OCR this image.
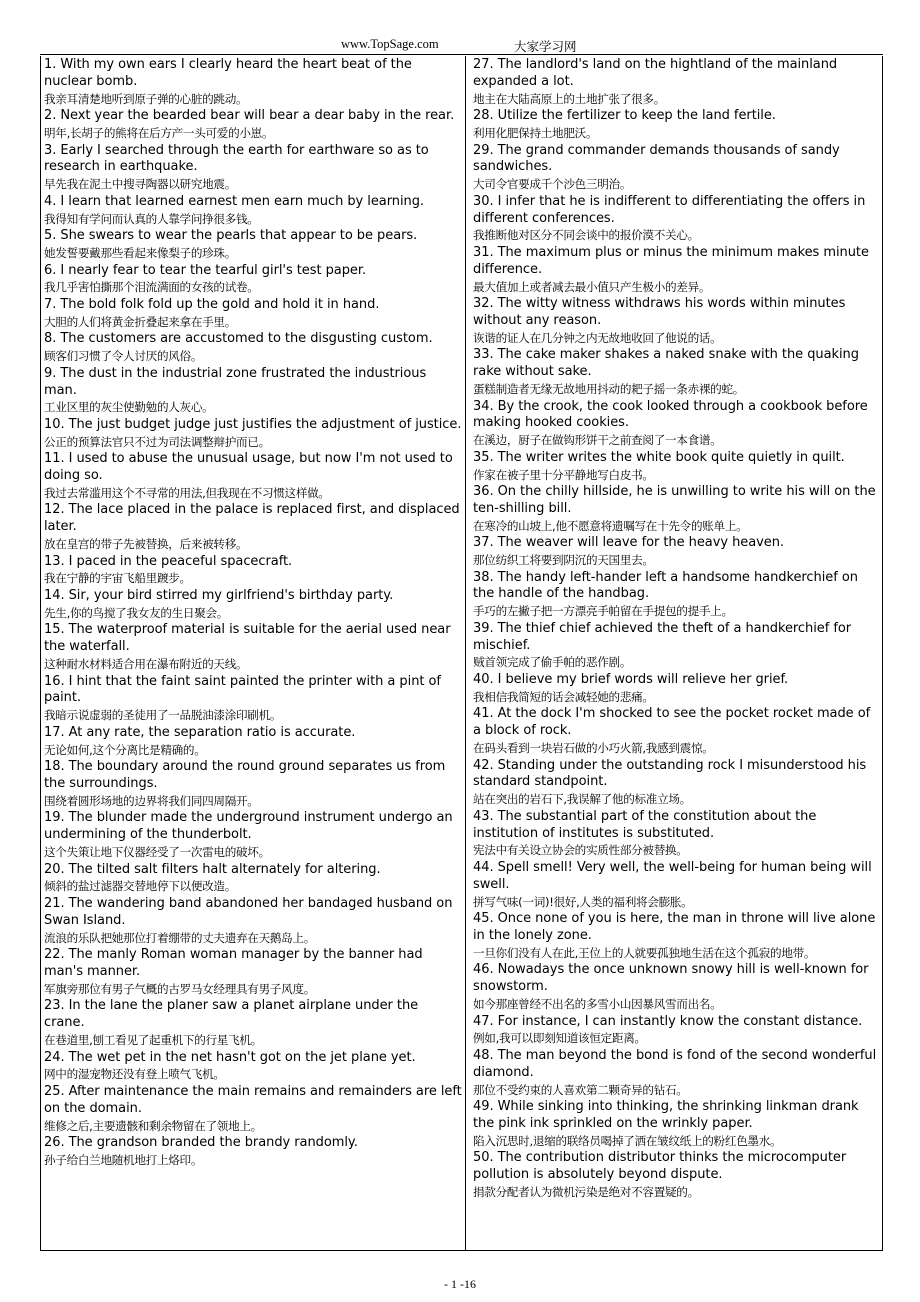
www.TopSage.com	大家学习网
1. With my own ears I clearly heard the heart beat of the nuclear bomb.
我亲耳清楚地听到原子弹的心脏的跳动。
2. Next year the bearded bear will bear a dear baby in the rear.
明年,长胡子的熊将在后方产一头可爱的小崽。
3. Early I searched through the earth for earthware so as to research in earthquake.
早先我在泥土中搜寻陶器以研究地震。
4. I learn that learned earnest men earn much by learning.
我得知有学问而认真的人靠学问挣很多钱。
5. She swears to wear the pearls that appear to be pears.
她发誓要戴那些看起来像梨子的珍珠。
6. I nearly fear to tear the tearful girl's test paper.
我几乎害怕撕那个泪流满面的女孩的试卷。
7. The bold folk fold up the gold and hold it in hand.
大胆的人们将黄金折叠起来拿在手里。
8. The customers are accustomed to the disgusting custom.
顾客们习惯了令人讨厌的风俗。
9. The dust in the industrial zone frustrated the industrious man.
工业区里的灰尘使勤勉的人灰心。
10. The just budget judge just justifies the adjustment of justice.
公正的预算法官只不过为司法调整辩护而已。
11. I used to abuse the unusual usage, but now I'm not used to doing so.
我过去常滥用这个不寻常的用法,但我现在不习惯这样做。
12. The lace placed in the palace is replaced first, and displaced later.
放在皇宫的带子先被替换，后来被转移。
13. I paced in the peaceful spacecraft.
我在宁静的宇宙飞船里踱步。
14. Sir, your bird stirred my girlfriend's birthday party.
先生,你的鸟搅了我女友的生日聚会。
15. The waterproof material is suitable for the aerial used near the waterfall.
这种耐水材料适合用在瀑布附近的天线。
16. I hint that the faint saint painted the printer with a pint of paint.
我暗示说虚弱的圣徒用了一品脱油漆涂印刷机。
17. At any rate, the separation ratio is accurate.
无论如何,这个分离比是精确的。
18. The boundary around the round ground separates us from the surroundings.
围绕着圆形场地的边界将我们同四周隔开。
19. The blunder made the underground instrument undergo an undermining of the thunderbolt.
这个失策让地下仪器经受了一次雷电的破坏。
20. The tilted salt filters halt alternately for altering.
倾斜的盐过滤器交替地停下以便改造。
21. The wandering band abandoned her bandaged husband on Swan Island.
流浪的乐队把她那位打着绷带的丈夫遗弃在天鹅岛上。
22. The manly Roman woman manager by the banner had man's manner.
军旗旁那位有男子气概的古罗马女经理具有男子风度。
23. In the lane the planer saw a planet airplane under the crane.
在巷道里,刨工看见了起重机下的行星飞机。
24. The wet pet in the net hasn't got on the jet plane yet.
网中的湿宠物还没有登上喷气飞机。
25. After maintenance the main remains and remainders are left on the domain.
维修之后,主要遗骸和剩余物留在了领地上。
26. The grandson branded the brandy randomly.
孙子给白兰地随机地打上烙印。
27. The landlord's land on the hightland of the mainland expanded a lot.
地主在大陆高原上的土地扩张了很多。
28. Utilize the fertilizer to keep the land fertile.
利用化肥保持土地肥沃。
29. The grand commander demands thousands of sandy sandwiches.
大司令官要成千个沙色三明治。
30. I infer that he is indifferent to differentiating the offers in different conferences.
我推断他对区分不同会谈中的报价漠不关心。
31. The maximum plus or minus the minimum makes minute difference.
最大值加上或者减去最小值只产生极小的差异。
32. The witty witness withdraws his words within minutes without any reason.
诙谐的证人在几分钟之内无故地收回了他说的话。
33. The cake maker shakes a naked snake with the quaking rake without sake.
蛋糕制造者无缘无故地用抖动的耙子摇一条赤裸的蛇。
34. By the crook, the cook looked through a cookbook before making hooked cookies.
在溪边，厨子在做钩形饼干之前查阅了一本食谱。
35. The writer writes the white book quite quietly in quilt.
作家在被子里十分平静地写白皮书。
36. On the chilly hillside, he is unwilling to write his will on the ten-shilling bill.
在寒冷的山坡上,他不愿意将遗嘱写在十先令的账单上。
37. The weaver will leave for the heavy heaven.
那位纺织工将要到阴沉的天国里去。
38. The handy left-hander left a handsome handkerchief on the handle of the handbag.
手巧的左撇子把一方漂亮手帕留在手提包的提手上。
39. The thief chief achieved the theft of a handkerchief for mischief.
贼首领完成了偷手帕的恶作剧。
40. I believe my brief words will relieve her grief.
我相信我简短的话会减轻她的悲痛。
41. At the dock I'm shocked to see the pocket rocket made of a block of rock.
在码头看到一块岩石做的小巧火箭,我感到震惊。
42. Standing under the outstanding rock I misunderstood his standard standpoint.
站在突出的岩石下,我误解了他的标准立场。
43. The substantial part of the constitution about the institution of institutes is substituted.
宪法中有关设立协会的实质性部分被替换。
44. Spell smell! Very well, the well-being for human being will swell.
拼写气味(一词)!很好,人类的福利将会膨胀。
45. Once none of you is here, the man in throne will live alone in the lonely zone.
一旦你们没有人在此,王位上的人就要孤独地生活在这个孤寂的地带。
46. Nowadays the once unknown snowy hill is well-known for snowstorm.
如今那座曾经不出名的多雪小山因暴风雪而出名。
47. For instance, I can instantly know the constant distance.
例如,我可以即刻知道该恒定距离。
48. The man beyond the bond is fond of the second wonderful diamond.
那位不受约束的人喜欢第二颗奇异的钻石。
49. While sinking into thinking, the shrinking linkman drank the pink ink sprinkled on the wrinkly paper.
陷入沉思时,退缩的联络员喝掉了洒在皱纹纸上的粉红色墨水。
50. The contribution distributor thinks the microcomputer pollution is absolutely beyond dispute.
捐款分配者认为微机污染是绝对不容置疑的。
- 1 -16
